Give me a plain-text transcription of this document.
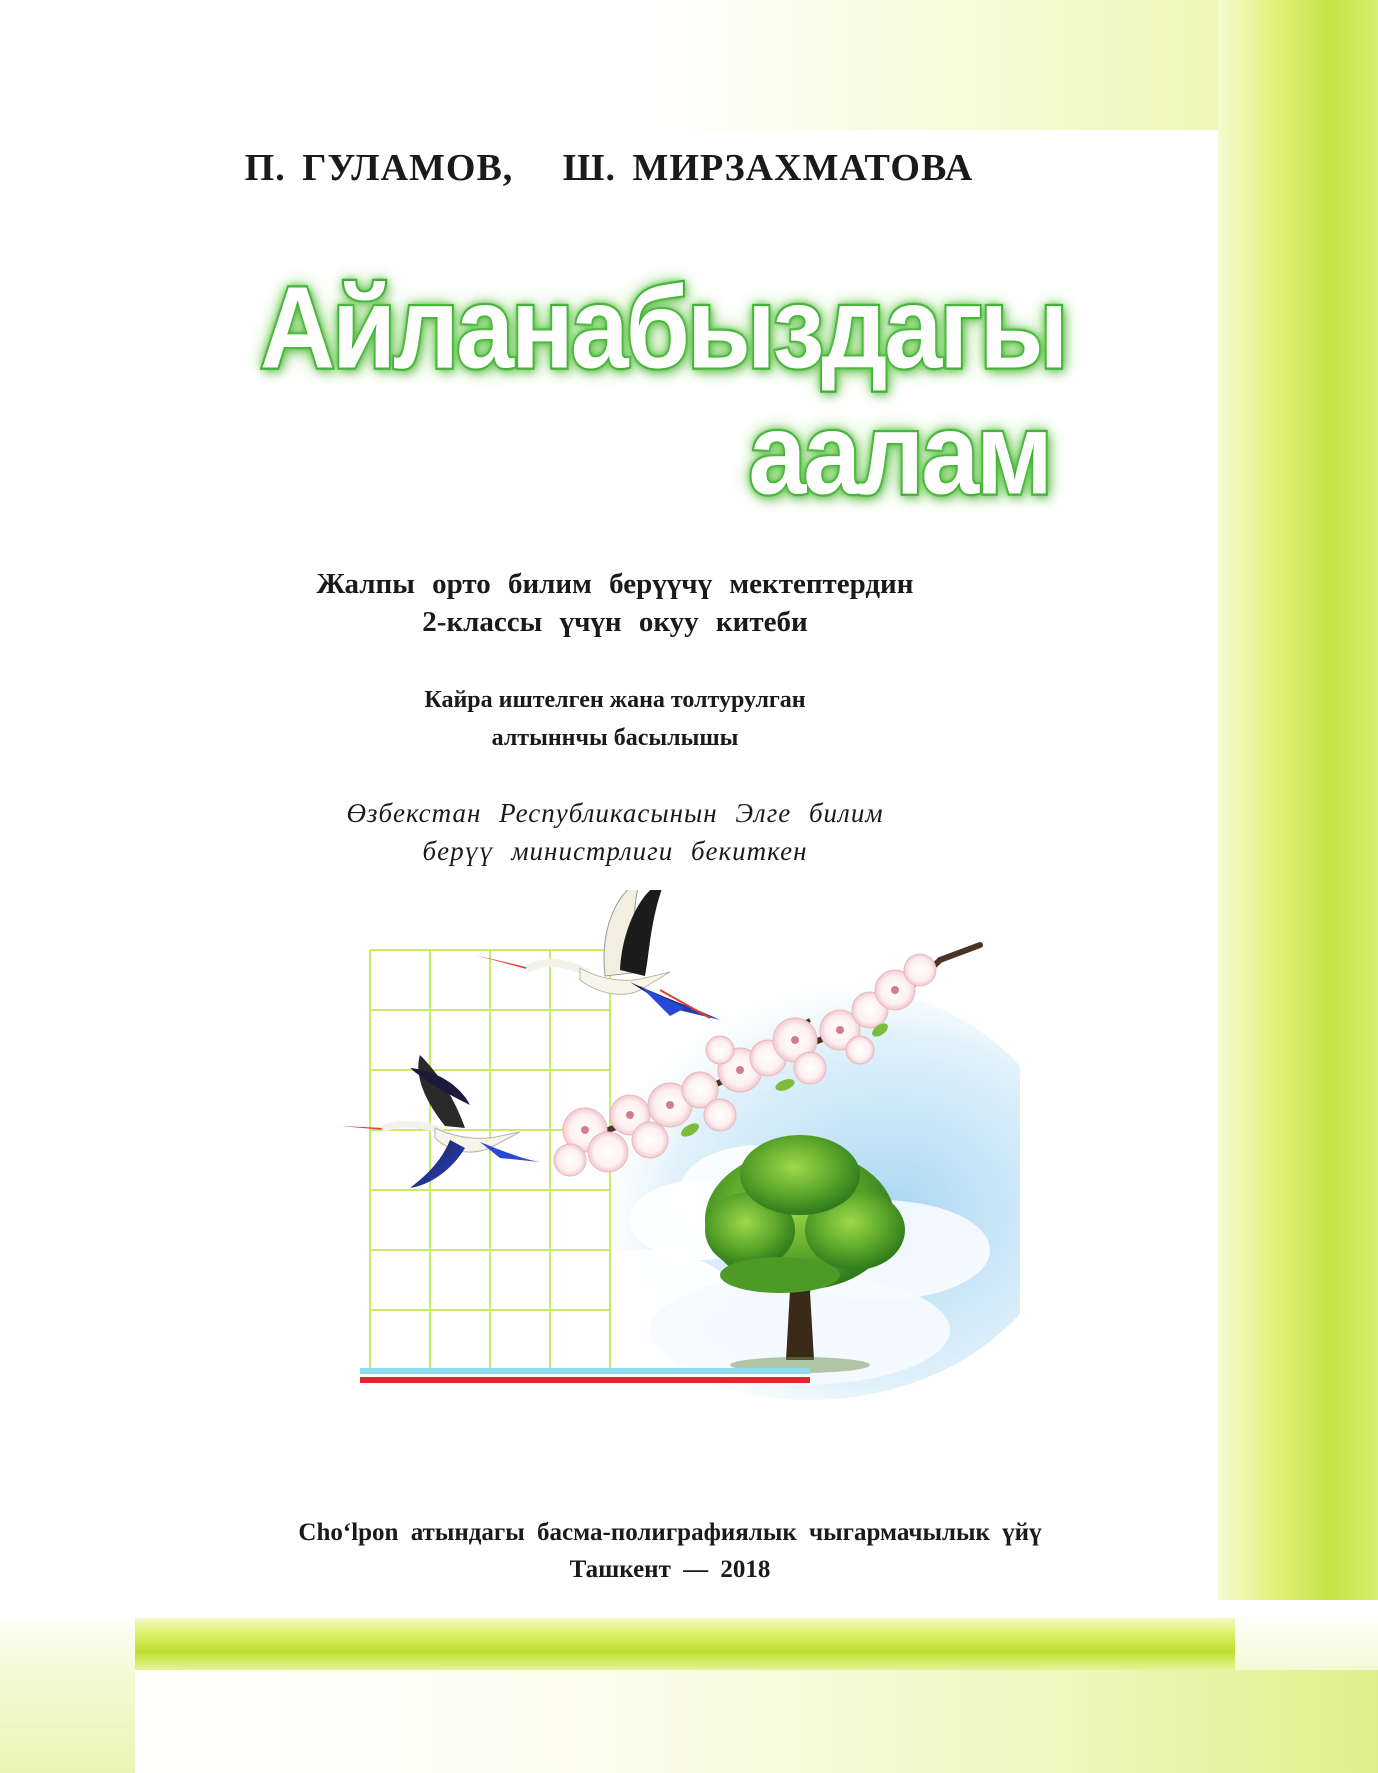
П. ГУЛАМОВ,   Ш. МИРЗАХМАТОВА
Айланабыздагы
аалам
Жалпы орто билим берүүчү мектептердин
2-классы үчүн окуу китеби
Кайра иштелген жана толтурулган
алтыннчы басылышы
Өзбекстан Республикасынын Элге билим
берүү министрлиги бекиткен
Cho‘lpon атындагы басма-полиграфиялык чыгармачылык үйү
Ташкент — 2018
